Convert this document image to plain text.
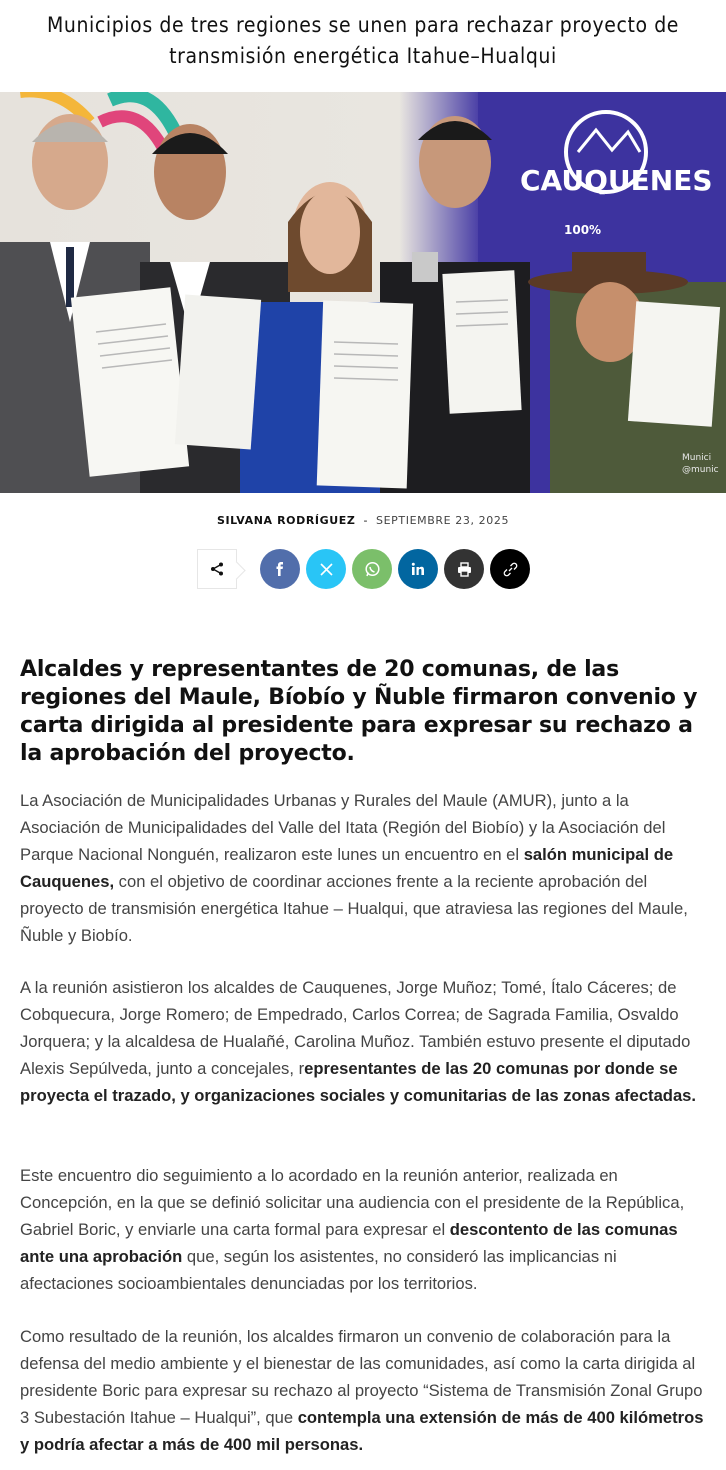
Municipios de tres regiones se unen para rechazar proyecto de transmisión energética Itahue–Hualqui
CAUQUENES
100%
Munici
@munic
SILVANA RODRÍGUEZ - SEPTIEMBRE 23, 2025
Alcaldes y representantes de 20 comunas, de las regiones del Maule, Bíobío y Ñuble firmaron convenio y carta dirigida al presidente para expresar su rechazo a la aprobación del proyecto.

La Asociación de Municipalidades Urbanas y Rurales del Maule (AMUR), junto a la Asociación de Municipalidades del Valle del Itata (Región del Biobío) y la Asociación del Parque Nacional Nonguén, realizaron este lunes un encuentro en el salón municipal de Cauquenes, con el objetivo de coordinar acciones frente a la reciente aprobación del proyecto de transmisión energética Itahue – Hualqui, que atraviesa las regiones del Maule, Ñuble y Biobío.

A la reunión asistieron los alcaldes de Cauquenes, Jorge Muñoz; Tomé, Ítalo Cáceres; de Cobquecura, Jorge Romero; de Empedrado, Carlos Correa; de Sagrada Familia, Osvaldo Jorquera; y la alcaldesa de Hualañé, Carolina Muñoz. También estuvo presente el diputado Alexis Sepúlveda, junto a concejales, representantes de las 20 comunas por donde se proyecta el trazado, y organizaciones sociales y comunitarias de las zonas afectadas.

Este encuentro dio seguimiento a lo acordado en la reunión anterior, realizada en Concepción, en la que se definió solicitar una audiencia con el presidente de la República, Gabriel Boric, y enviarle una carta formal para expresar el descontento de las comunas ante una aprobación que, según los asistentes, no consideró las implicancias ni afectaciones socioambientales denunciadas por los territorios.

Como resultado de la reunión, los alcaldes firmaron un convenio de colaboración para la defensa del medio ambiente y el bienestar de las comunidades, así como la carta dirigida al presidente Boric para expresar su rechazo al proyecto “Sistema de Transmisión Zonal Grupo 3 Subestación Itahue – Hualqui”, que contempla una extensión de más de 400 kilómetros y podría afectar a más de 400 mil personas.
